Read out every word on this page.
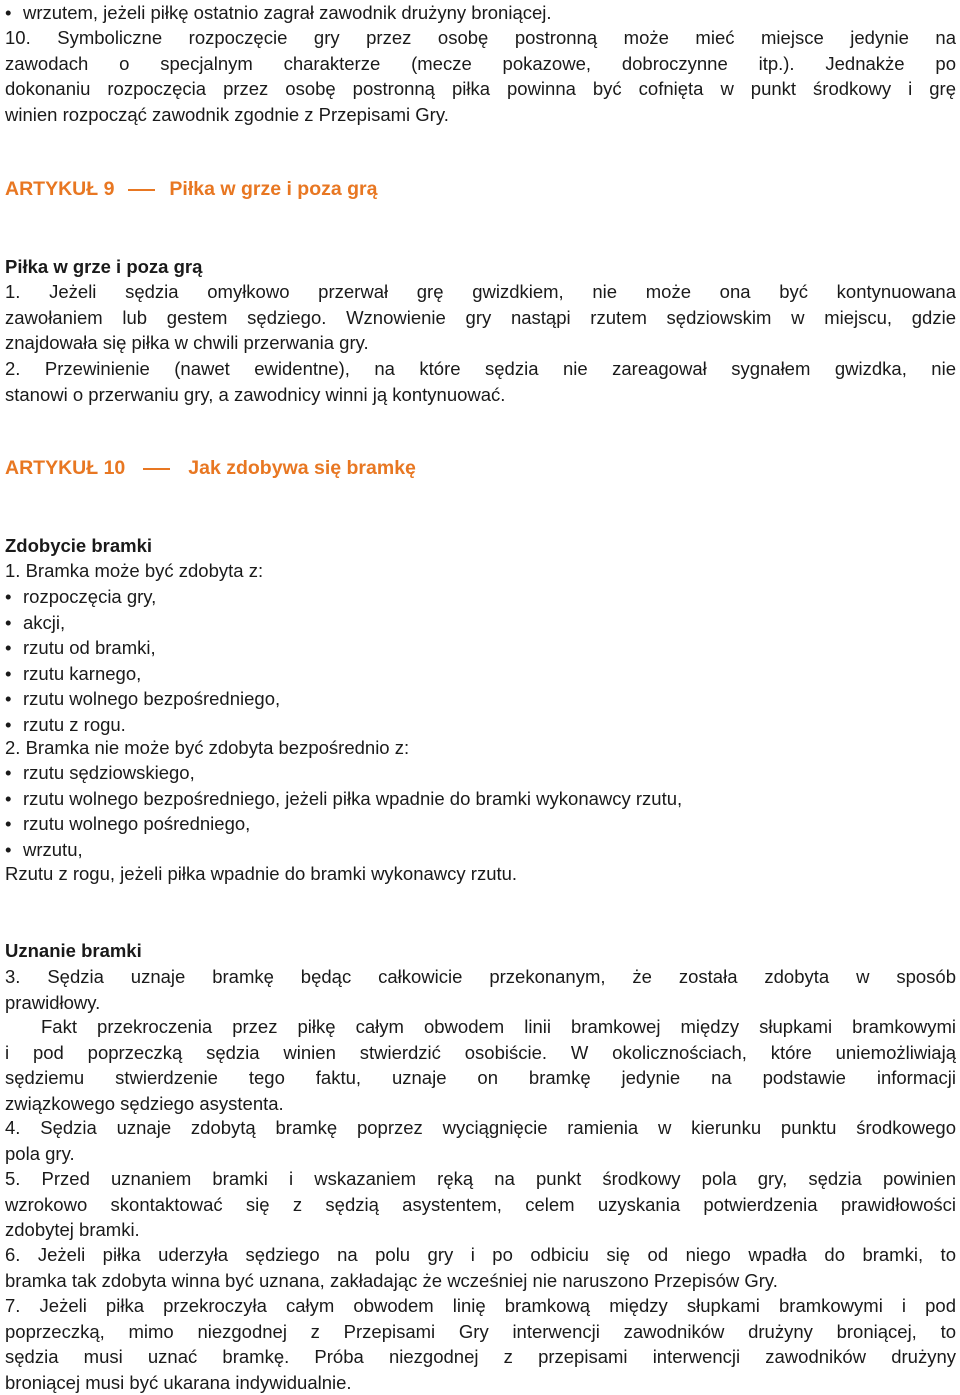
• wrzutem, jeżeli piłkę ostatnio zagrał zawodnik drużyny broniącej.
10. Symboliczne rozpoczęcie gry przez osobę postronną może mieć miejsce jedynie na
zawodach o specjalnym charakterze (mecze pokazowe, dobroczynne itp.). Jednakże po
dokonaniu rozpoczęcia przez osobę postronną piłka powinna być cofnięta w punkt środkowy i grę
winien rozpocząć zawodnik zgodnie z Przepisami Gry.
ARTYKUŁ 9	Piłka w grze i poza grą
Piłka w grze i poza grą
1. Jeżeli sędzia omyłkowo przerwał grę gwizdkiem, nie może ona być kontynuowana
zawołaniem lub gestem sędziego. Wznowienie gry nastąpi rzutem sędziowskim w miejscu, gdzie
znajdowała się piłka w chwili przerwania gry.
2. Przewinienie (nawet ewidentne), na które sędzia nie zareagował sygnałem gwizdka, nie
stanowi o przerwaniu gry, a zawodnicy winni ją kontynuować.
ARTYKUŁ 10	Jak zdobywa się bramkę
Zdobycie bramki
1. Bramka może być zdobyta z:
• rozpoczęcia gry,
• akcji,
• rzutu od bramki,
• rzutu karnego,
• rzutu wolnego bezpośredniego,
• rzutu z rogu.
2. Bramka nie może być zdobyta bezpośrednio z:
• rzutu sędziowskiego,
• rzutu wolnego bezpośredniego, jeżeli piłka wpadnie do bramki wykonawcy rzutu,
• rzutu wolnego pośredniego,
• wrzutu,
Rzutu z rogu, jeżeli piłka wpadnie do bramki wykonawcy rzutu.
Uznanie bramki
3. Sędzia uznaje bramkę będąc całkowicie przekonanym, że została zdobyta w sposób
prawidłowy.
Fakt przekroczenia przez piłkę całym obwodem linii bramkowej między słupkami bramkowymi
i pod poprzeczką sędzia winien stwierdzić osobiście. W okolicznościach, które uniemożliwiają
sędziemu stwierdzenie tego faktu, uznaje on bramkę jedynie na podstawie informacji
związkowego sędziego asystenta.
4. Sędzia uznaje zdobytą bramkę poprzez wyciągnięcie ramienia w kierunku punktu środkowego
pola gry.
5. Przed uznaniem bramki i wskazaniem ręką na punkt środkowy pola gry, sędzia powinien
wzrokowo skontaktować się z sędzią asystentem, celem uzyskania potwierdzenia prawidłowości
zdobytej bramki.
6. Jeżeli piłka uderzyła sędziego na polu gry i po odbiciu się od niego wpadła do bramki, to
bramka tak zdobyta winna być uznana, zakładając że wcześniej nie naruszono Przepisów Gry.
7. Jeżeli piłka przekroczyła całym obwodem linię bramkową między słupkami bramkowymi i pod
poprzeczką, mimo niezgodnej z Przepisami Gry interwencji zawodników drużyny broniącej, to
sędzia musi uznać bramkę. Próba niezgodnej z przepisami interwencji zawodników drużyny
broniącej musi być ukarana indywidualnie.
